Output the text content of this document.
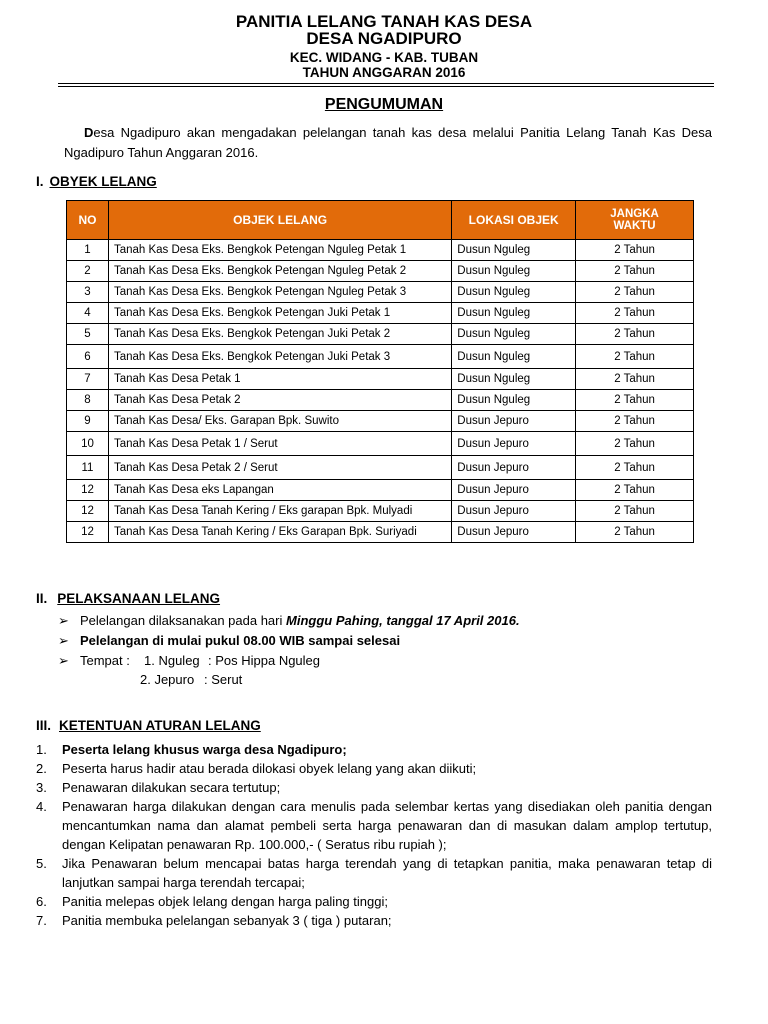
PANITIA LELANG TANAH KAS DESA
DESA NGADIPURO
KEC. WIDANG - KAB. TUBAN
TAHUN ANGGARAN 2016
PENGUMUMAN
Desa Ngadipuro akan mengadakan pelelangan tanah kas desa melalui Panitia Lelang Tanah Kas Desa Ngadipuro Tahun Anggaran 2016.
I. OBYEK LELANG
NO	OBJEK LELANG	LOKASI OBJEK	JANGKA WAKTU
1	Tanah Kas Desa Eks. Bengkok Petengan Nguleg Petak 1	Dusun Nguleg	2 Tahun
2	Tanah Kas Desa Eks. Bengkok Petengan Nguleg Petak 2	Dusun Nguleg	2 Tahun
3	Tanah Kas Desa Eks. Bengkok Petengan Nguleg Petak 3	Dusun Nguleg	2 Tahun
4	Tanah Kas Desa Eks. Bengkok Petengan Juki Petak 1	Dusun Nguleg	2 Tahun
5	Tanah Kas Desa Eks. Bengkok Petengan Juki Petak 2	Dusun Nguleg	2 Tahun
6	Tanah Kas Desa Eks. Bengkok Petengan Juki Petak 3	Dusun Nguleg	2 Tahun
7	Tanah Kas Desa Petak 1	Dusun Nguleg	2 Tahun
8	Tanah Kas Desa Petak 2	Dusun Nguleg	2 Tahun
9	Tanah Kas Desa/ Eks. Garapan Bpk. Suwito	Dusun Jepuro	2 Tahun
10	Tanah Kas Desa Petak 1 / Serut	Dusun Jepuro	2 Tahun
11	Tanah Kas Desa Petak 2 / Serut	Dusun Jepuro	2 Tahun
12	Tanah Kas Desa eks Lapangan	Dusun Jepuro	2 Tahun
12	Tanah Kas Desa Tanah Kering / Eks garapan Bpk. Mulyadi	Dusun Jepuro	2 Tahun
12	Tanah Kas Desa Tanah Kering / Eks Garapan Bpk. Suriyadi	Dusun Jepuro	2 Tahun
II. PELAKSANAAN LELANG
➢ Pelelangan dilaksanakan pada hari Minggu Pahing, tanggal 17 April 2016.
➢ Pelelangan di mulai pukul 08.00 WIB sampai selesai
➢ Tempat :1. Nguleg : Pos Hippa Nguleg
2. Jepuro : Serut
III. KETENTUAN ATURAN LELANG
1.	Peserta lelang khusus warga desa Ngadipuro;
2.	Peserta harus hadir atau berada dilokasi obyek lelang yang akan diikuti;
3.	Penawaran dilakukan secara tertutup;
4.	Penawaran harga dilakukan dengan cara menulis pada selembar kertas yang disediakan oleh panitia dengan mencantumkan nama dan alamat pembeli serta harga penawaran dan di masukan dalam amplop tertutup, dengan Kelipatan penawaran Rp. 100.000,- ( Seratus ribu rupiah );
5.	Jika Penawaran belum mencapai batas harga terendah yang di tetapkan panitia, maka penawaran tetap di lanjutkan sampai harga terendah tercapai;
6.	Panitia melepas objek lelang dengan harga paling tinggi;
7.	Panitia membuka pelelangan sebanyak 3 ( tiga ) putaran;
